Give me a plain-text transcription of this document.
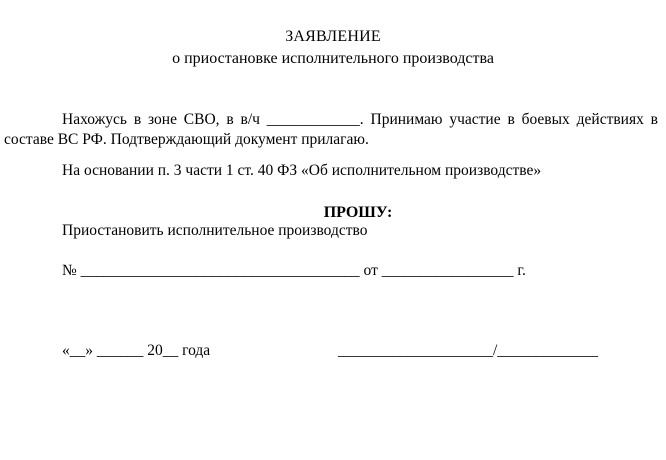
ЗАЯВЛЕНИЕ
о приостановке исполнительного производства
Нахожусь в зоне СВО, в в/ч ____________. Принимаю участие в боевых действиях в составе ВС РФ. Подтверждающий документ прилагаю.
На основании п. 3 части 1 ст. 40 ФЗ «Об исполнительном производстве»
ПРОШУ:
Приостановить исполнительное производство
№ ____________________________________ от _________________ г.
«__» ______ 20__ года	____________________/_____________
